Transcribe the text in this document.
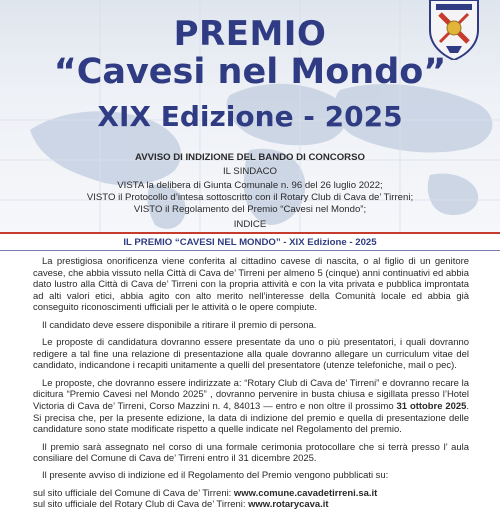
PREMIO
“Cavesi nel Mondo”
XIX Edizione - 2025
AVVISO DI INDIZIONE DEL BANDO DI CONCORSO
IL SINDACO
VISTA la delibera di Giunta Comunale n. 96 del 26 luglio 2022;
VISTO il Protocollo d’intesa sottoscritto con il Rotary Club di Cava de’ Tirreni;
VISTO il Regolamento del Premio “Cavesi nel Mondo”;
INDICE
IL PREMIO “CAVESI NEL MONDO” - XIX Edizione - 2025

La prestigiosa onorificenza viene conferita al cittadino cavese di nascita, o al figlio di un genitore cavese, che abbia vissuto nella Città di Cava de’ Tirreni per almeno 5 (cinque) anni continuativi ed abbia dato lustro alla Città di Cava de’ Tirreni con la propria attività e con la vita privata e pubblica improntata ad alti valori etici, abbia agito con alto merito nell’interesse della Comunità locale ed abbia già conseguito riconoscimenti ufficiali per le attività o le opere compiute.

Il candidato deve essere disponibile a ritirare il premio di persona.

Le proposte di candidatura dovranno essere presentate da uno o più presentatori, i quali dovranno redigere a tal fine una relazione di presentazione alla quale dovranno allegare un curriculum vitae del candidato, indicandone i recapiti unitamente a quelli del presentatore (utenze telefoniche, mail o pec).

Le proposte, che dovranno essere indirizzate a: “Rotary Club di Cava de’ Tirreni” e dovranno recare la dicitura “Premio Cavesi nel Mondo 2025” , dovranno pervenire in busta chiusa e sigillata presso l’Hotel Victoria di Cava de’ Tirreni, Corso Mazzini n. 4, 84013 — entro e non oltre il prossimo 31 ottobre 2025. Si precisa che, per la presente edizione, la data di indizione del premio e quella di presentazione delle candidature sono state modificate rispetto a quelle indicate nel Regolamento del premio.

Il premio sarà assegnato nel corso di una formale cerimonia protocollare che si terrà presso l’ aula consiliare del Comune di Cava de’ Tirreni entro il 31 dicembre 2025.

Il presente avviso di indizione ed il Regolamento del Premio vengono pubblicati su:

sul sito ufficiale del Comune di Cava de’ Tirreni: www.comune.cavadetirreni.sa.it
sul sito ufficiale del Rotary Club di Cava de’ Tirreni: www.rotarycava.it
